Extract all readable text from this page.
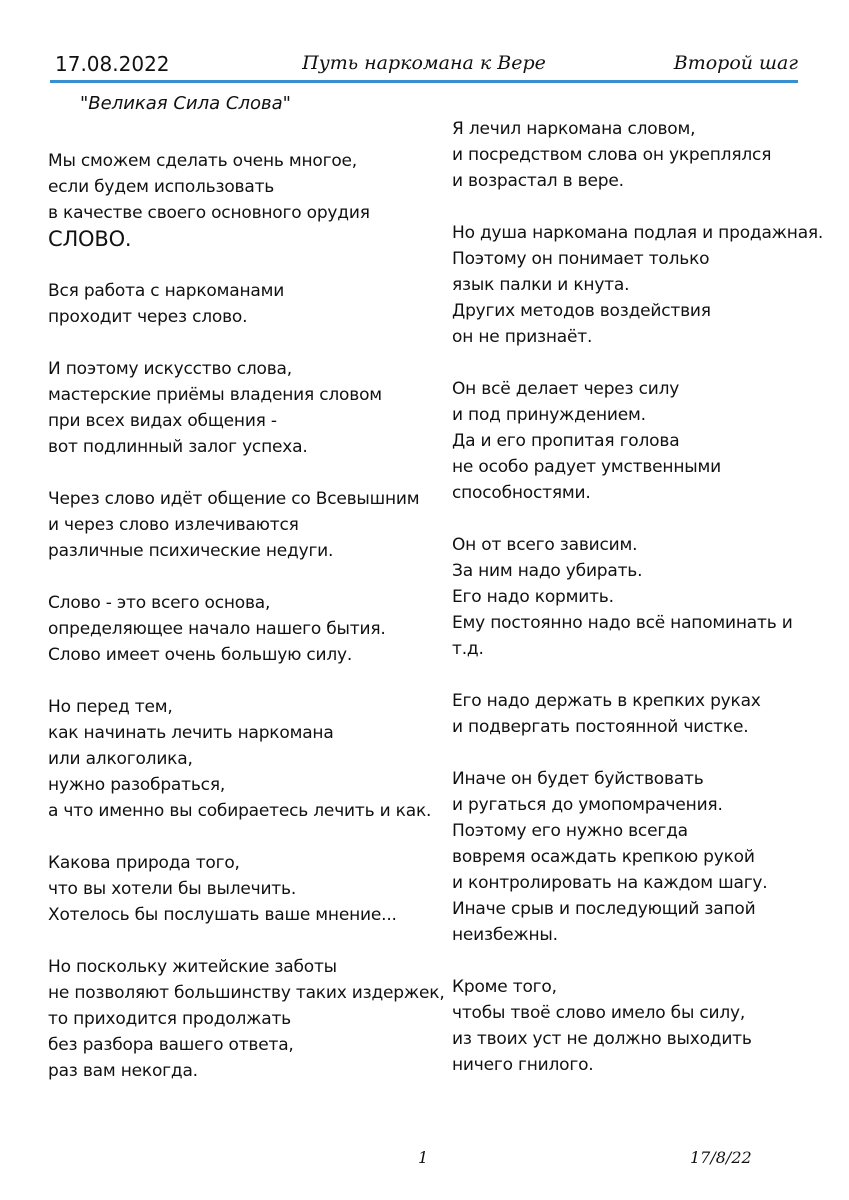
17.08.2022	Путь наркомана к Вере	Второй шаг
"Великая Сила Слова"
Мы сможем сделать очень многое,
если будем использовать
в качестве своего основного орудия
СЛОВО.
Вся работа с наркоманами
проходит через слово.
И поэтому искусство слова,
мастерские приёмы владения словом
при всех видах общения -
вот подлинный залог успеха.
Через слово идёт общение со Всевышним
и через слово излечиваются
различные психические недуги.
Слово - это всего основа,
определяющее начало нашего бытия.
Слово имеет очень большую силу.
Но перед тем,
как начинать лечить наркомана
или алкоголика,
нужно разобраться,
а что именно вы собираетесь лечить и как.
Какова природа того,
что вы хотели бы вылечить.
Хотелось бы послушать ваше мнение...
Но поскольку житейские заботы
не позволяют большинству таких издержек,
то приходится продолжать
без разбора вашего ответа,
раз вам некогда.
Я лечил наркомана словом,
и посредством слова он укреплялся
и возрастал в вере.
Но душа наркомана подлая и продажная.
Поэтому он понимает только
язык палки и кнута.
Других методов воздействия
он не признаёт.
Он всё делает через силу
и под принуждением.
Да и его пропитая голова
не особо радует умственными
способностями.
Он от всего зависим.
За ним надо убирать.
Его надо кормить.
Ему постоянно надо всё напоминать и
т.д.
Его надо держать в крепких руках
и подвергать постоянной чистке.
Иначе он будет буйствовать
и ругаться до умопомрачения.
Поэтому его нужно всегда
вовремя осаждать крепкою рукой
и контролировать на каждом шагу.
Иначе срыв и последующий запой
неизбежны.
Кроме того,
чтобы твоё слово имело бы силу,
из твоих уст не должно выходить
ничего гнилого.
1	17/8/22
